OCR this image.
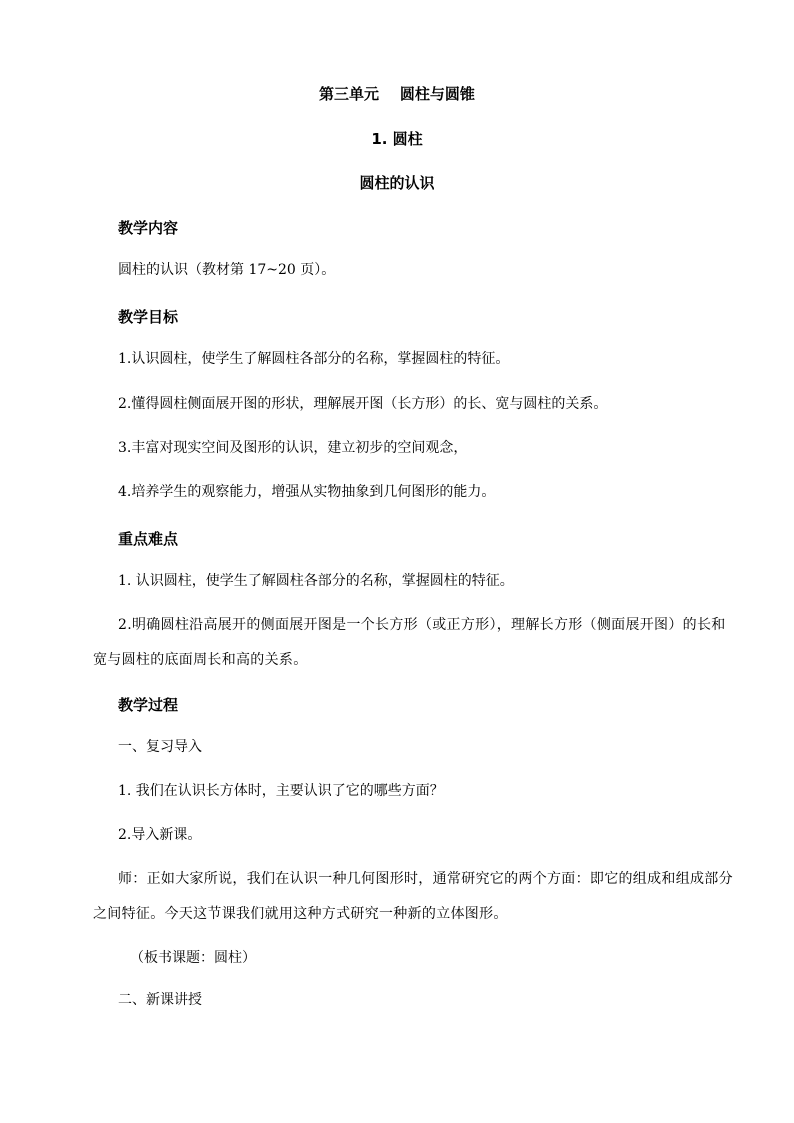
第三单元    圆柱与圆锥
1. 圆柱
圆柱的认识
教学内容
圆柱的认识（教材第 17~20 页）。
教学目标
1.认识圆柱，使学生了解圆柱各部分的名称，掌握圆柱的特征。
2.懂得圆柱侧面展开图的形状，理解展开图（长方形）的长、宽与圆柱的关系。
3.丰富对现实空间及图形的认识，建立初步的空间观念，
4.培养学生的观察能力，增强从实物抽象到几何图形的能力。
重点难点
1. 认识圆柱，使学生了解圆柱各部分的名称，掌握圆柱的特征。
2.明确圆柱沿高展开的侧面展开图是一个长方形（或正方形），理解长方形（侧面展开图）的长和宽与圆柱的底面周长和高的关系。
教学过程
一、复习导入
1. 我们在认识长方体时，主要认识了它的哪些方面？
2.导入新课。
师：正如大家所说，我们在认识一种几何图形时，通常研究它的两个方面：即它的组成和组成部分之间特征。今天这节课我们就用这种方式研究一种新的立体图形。
（板书课题：圆柱）
二、新课讲授
